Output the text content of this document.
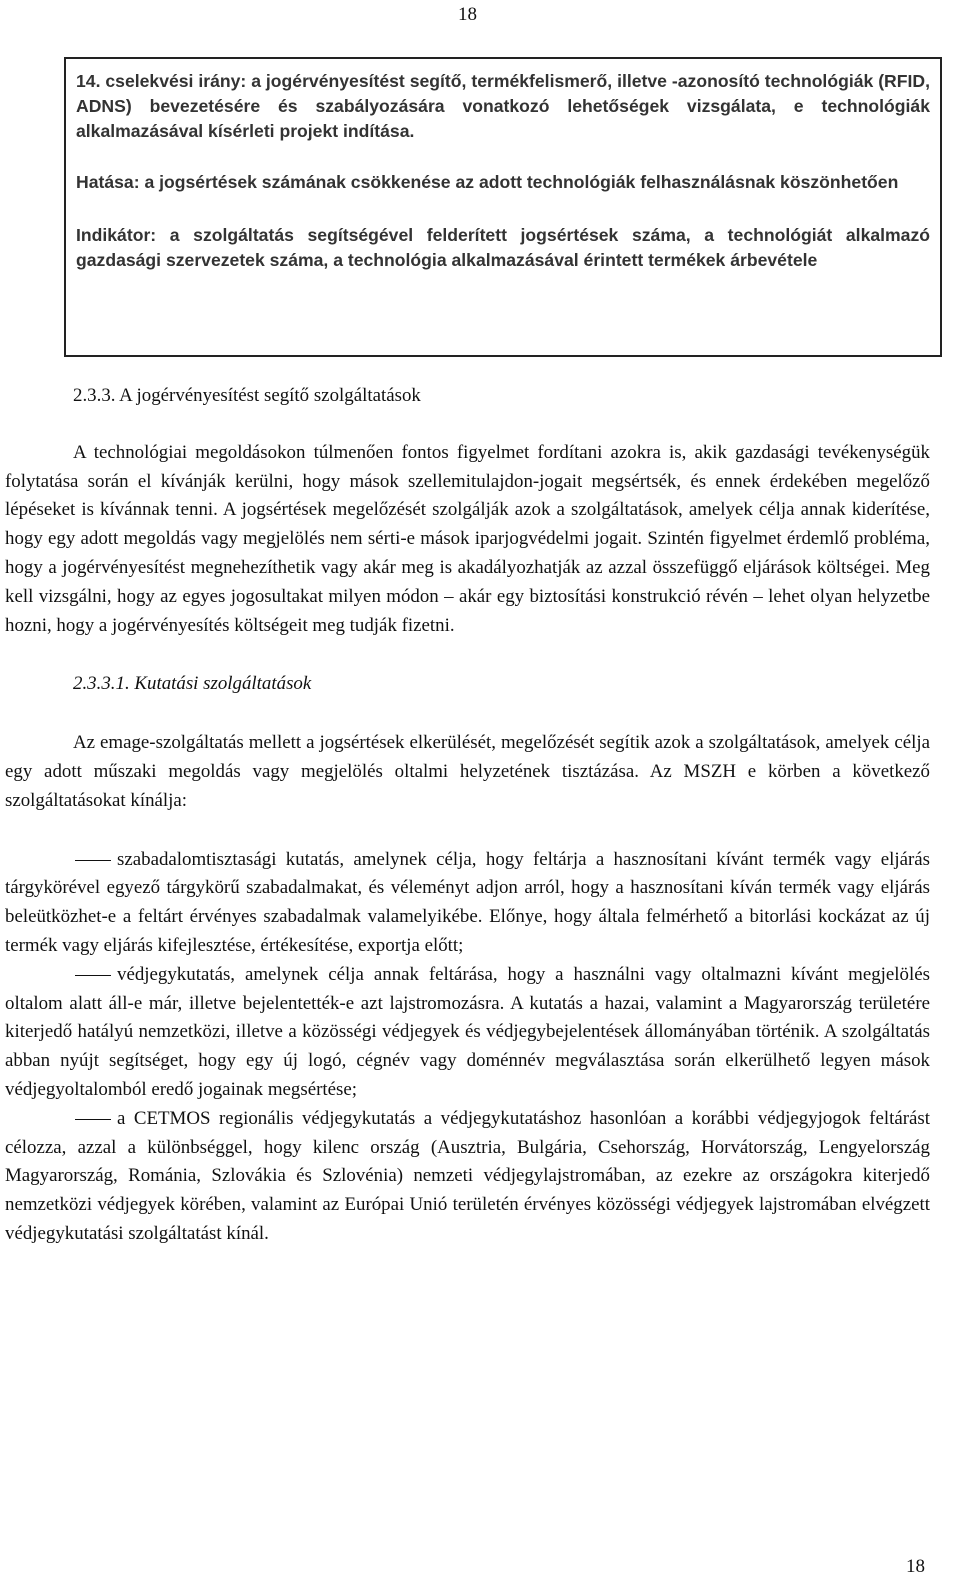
18

14. cselekvési irány: a jogérvényesítést segítő, termékfelismerő, illetve -azonosító technológiák (RFID, ADNS) bevezetésére és szabályozására vonatkozó lehetőségek vizsgálata, e technológiák alkalmazásával kísérleti projekt indítása.

Hatása: a jogsértések számának csökkenése az adott technológiák felhasználásnak köszönhetően

Indikátor: a szolgáltatás segítségével felderített jogsértések száma, a technológiát alkalmazó gazdasági szervezetek száma, a technológia alkalmazásával érintett termékek árbevétele

2.3.3. A jogérvényesítést segítő szolgáltatások

A technológiai megoldásokon túlmenően fontos figyelmet fordítani azokra is, akik gazdasági tevékenységük folytatása során el kívánják kerülni, hogy mások szellemitulajdon-jogait megsértsék, és ennek érdekében megelőző lépéseket is kívánnak tenni. A jogsértések megelőzését szolgálják azok a szolgáltatások, amelyek célja annak kiderítése, hogy egy adott megoldás vagy megjelölés nem sérti-e mások iparjogvédelmi jogait. Szintén figyelmet érdemlő probléma, hogy a jogérvényesítést megnehezíthetik vagy akár meg is akadályozhatják az azzal összefüggő eljárások költségei. Meg kell vizsgálni, hogy az egyes jogosultakat milyen módon – akár egy biztosítási konstrukció révén – lehet olyan helyzetbe hozni, hogy a jogérvényesítés költségeit meg tudják fizetni.

2.3.3.1. Kutatási szolgáltatások

Az emage-szolgáltatás mellett a jogsértések elkerülését, megelőzését segítik azok a szolgáltatások, amelyek célja egy adott műszaki megoldás vagy megjelölés oltalmi helyzetének tisztázása. Az MSZH e körben a következő szolgáltatásokat kínálja:

szabadalomtisztasági kutatás, amelynek célja, hogy feltárja a hasznosítani kívánt termék vagy eljárás tárgykörével egyező tárgykörű szabadalmakat, és véleményt adjon arról, hogy a hasznosítani kíván termék vagy eljárás beleütközhet-e a feltárt érvényes szabadalmak valamelyikébe. Előnye, hogy általa felmérhető a bitorlási kockázat az új termék vagy eljárás kifejlesztése, értékesítése, exportja előtt;

védjegykutatás, amelynek célja annak feltárása, hogy a használni vagy oltalmazni kívánt megjelölés oltalom alatt áll-e már, illetve bejelentették-e azt lajstromozásra. A kutatás a hazai, valamint a Magyarország területére kiterjedő hatályú nemzetközi, illetve a közösségi védjegyek és védjegybejelentések állományában történik. A szolgáltatás abban nyújt segítséget, hogy egy új logó, cégnév vagy doménnév megválasztása során elkerülhető legyen mások védjegyoltalomból eredő jogainak megsértése;

a CETMOS regionális védjegykutatás a védjegykutatáshoz hasonlóan a korábbi védjegyjogok feltárást célozza, azzal a különbséggel, hogy kilenc ország (Ausztria, Bulgária, Csehország, Horvátország, Lengyelország Magyarország, Románia, Szlovákia és Szlovénia) nemzeti védjegylajstromában, az ezekre az országokra kiterjedő nemzetközi védjegyek körében, valamint az Európai Unió területén érvényes közösségi védjegyek lajstromában elvégzett védjegykutatási szolgáltatást kínál.

18
